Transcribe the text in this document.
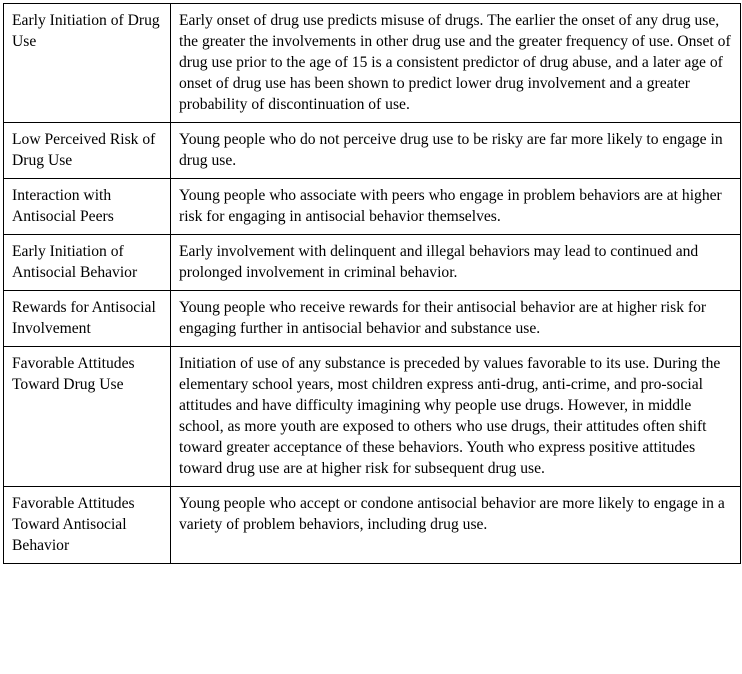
Early Initiation of Drug Use	Early onset of drug use predicts misuse of drugs. The earlier the onset of any drug use, the greater the involvements in other drug use and the greater frequency of use. Onset of drug use prior to the age of 15 is a consistent predictor of drug abuse, and a later age of onset of drug use has been shown to predict lower drug involvement and a greater probability of discontinuation of use.
Low Perceived Risk of Drug Use	Young people who do not perceive drug use to be risky are far more likely to engage in drug use.
Interaction with Antisocial Peers	Young people who associate with peers who engage in problem behaviors are at higher risk for engaging in antisocial behavior themselves.
Early Initiation of Antisocial Behavior	Early involvement with delinquent and illegal behaviors may lead to continued and prolonged involvement in criminal behavior.
Rewards for Antisocial Involvement	Young people who receive rewards for their antisocial behavior are at higher risk for engaging further in antisocial behavior and substance use.
Favorable Attitudes Toward Drug Use	Initiation of use of any substance is preceded by values favorable to its use. During the elementary school years, most children express anti-drug, anti-crime, and pro-social attitudes and have difficulty imagining why people use drugs. However, in middle school, as more youth are exposed to others who use drugs, their attitudes often shift toward greater acceptance of these behaviors. Youth who express positive attitudes toward drug use are at higher risk for subsequent drug use.
Favorable Attitudes Toward Antisocial Behavior	Young people who accept or condone antisocial behavior are more likely to engage in a variety of problem behaviors, including drug use.
